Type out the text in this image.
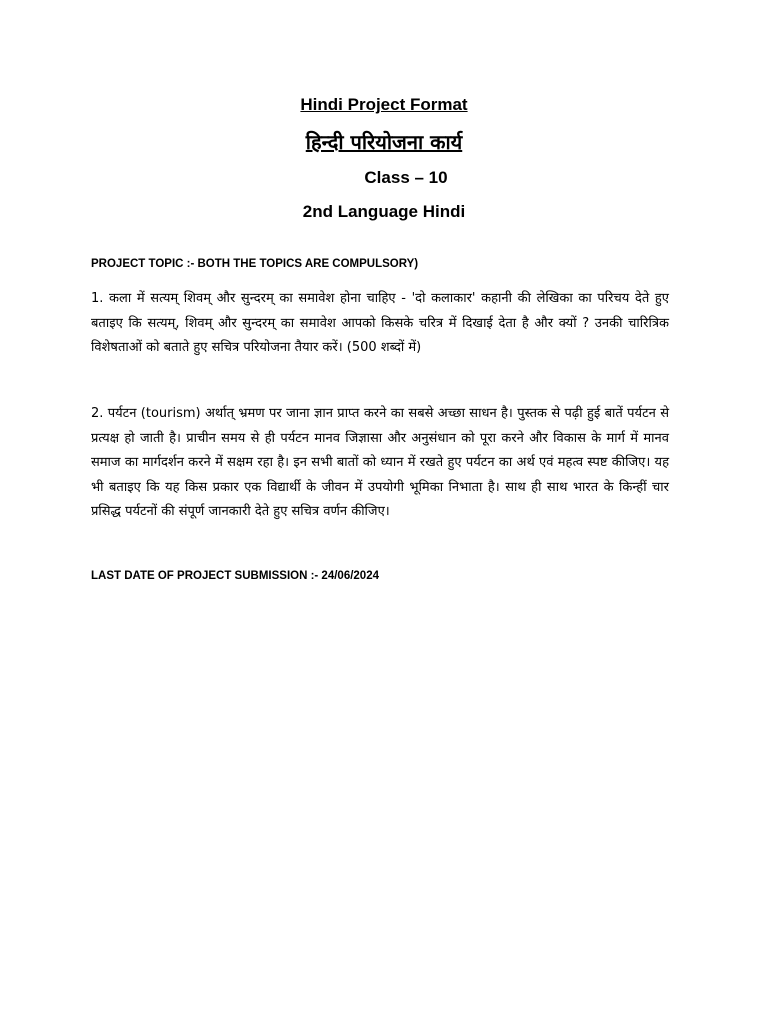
Hindi Project Format
हिन्दी परियोजना कार्य
Class – 10
2nd Language Hindi
PROJECT TOPIC :- BOTH THE TOPICS ARE COMPULSORY)
1. कला में सत्यम् शिवम् और सुन्दरम् का समावेश होना चाहिए - 'दो कलाकार' कहानी की लेखिका का परिचय देते हुए बताइए कि सत्यम्, शिवम् और सुन्दरम् का समावेश आपको किसके चरित्र में दिखाई देता है और क्यों ? उनकी चारित्रिक विशेषताओं को बताते हुए सचित्र परियोजना तैयार करें। (500 शब्दों में)
2. पर्यटन (tourism) अर्थात् भ्रमण पर जाना ज्ञान प्राप्त करने का सबसे अच्छा साधन है। पुस्तक से पढ़ी हुई बातें पर्यटन से प्रत्यक्ष हो जाती है। प्राचीन समय से ही पर्यटन मानव जिज्ञासा और अनुसंधान को पूरा करने और विकास के मार्ग में मानव समाज का मार्गदर्शन करने में सक्षम रहा है। इन सभी बातों को ध्यान में रखते हुए पर्यटन का अर्थ एवं महत्व स्पष्ट कीजिए। यह भी बताइए कि यह किस प्रकार एक विद्यार्थी के जीवन में उपयोगी भूमिका निभाता है। साथ ही साथ भारत के किन्हीं चार प्रसिद्ध पर्यटनों की संपूर्ण जानकारी देते हुए सचित्र वर्णन कीजिए।
LAST DATE OF PROJECT SUBMISSION :- 24/06/2024
